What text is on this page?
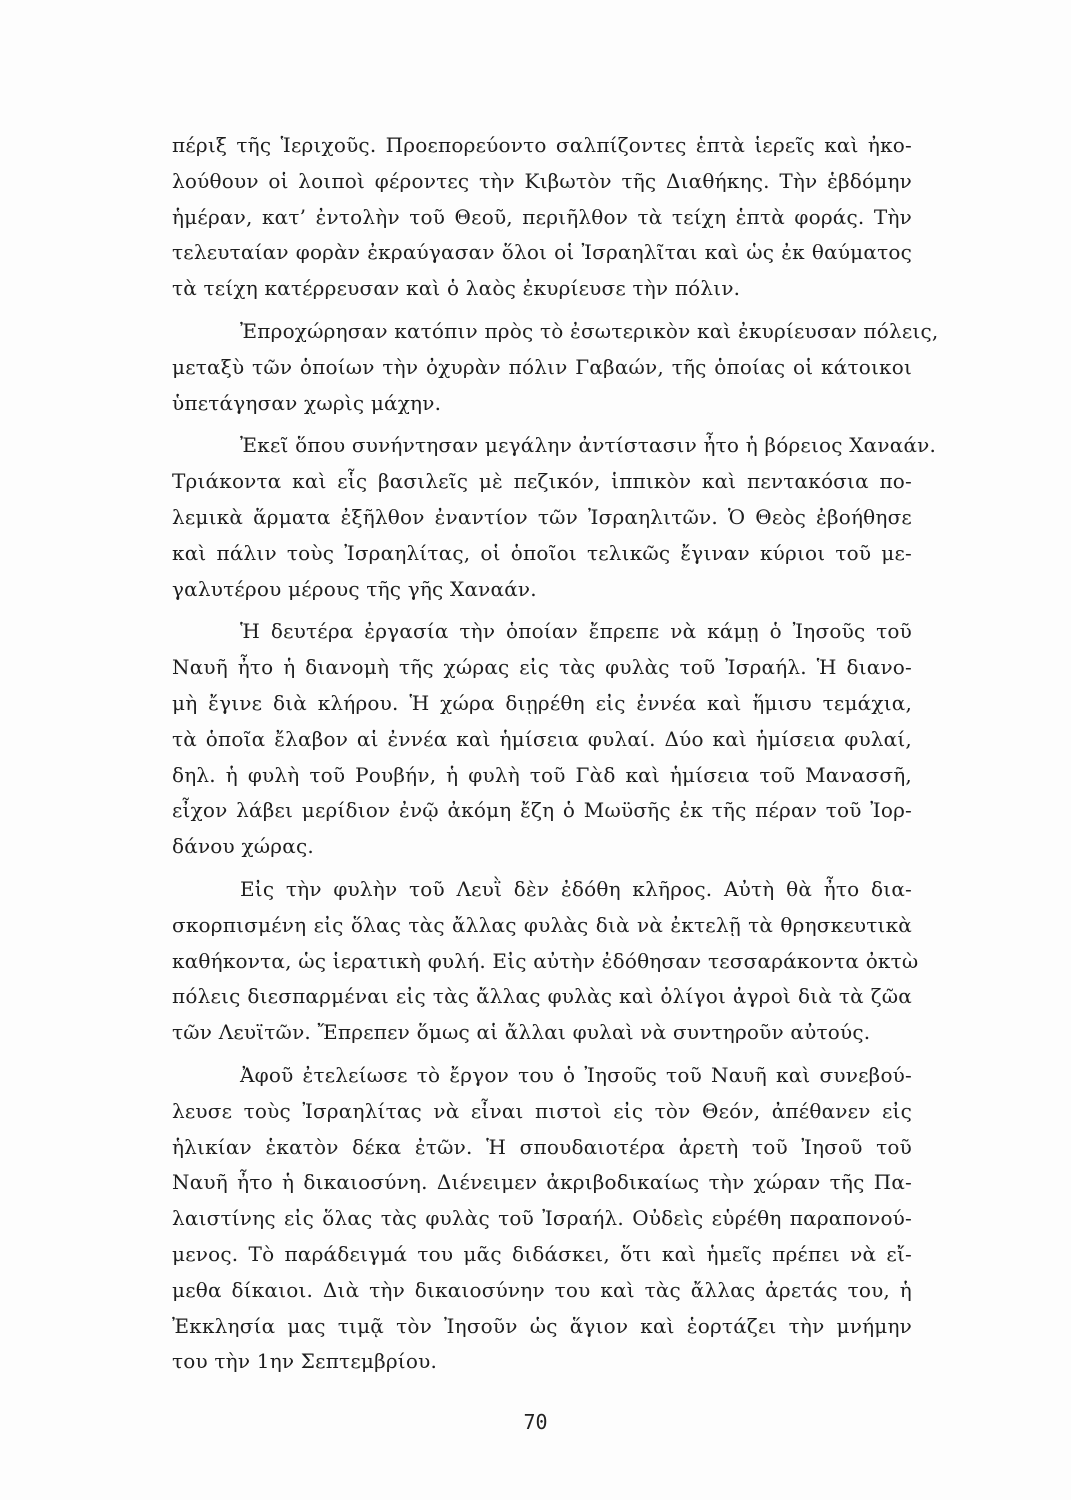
πέριξ τῆς Ἱεριχοῦς. Προεπορεύοντο σαλπίζοντες ἑπτὰ ἱερεῖς καὶ ἠκο-
λούθουν οἱ λοιποὶ φέροντες τὴν Κιβωτὸν τῆς Διαθήκης. Τὴν ἑβδόμην
ἡμέραν, κατ’ ἐντολὴν τοῦ Θεοῦ, περιῆλθον τὰ τείχη ἑπτὰ φοράς. Τὴν
τελευταίαν φορὰν ἐκραύγασαν ὅλοι οἱ Ἰσραηλῖται καὶ ὡς ἐκ θαύματος
τὰ τείχη κατέρρευσαν καὶ ὁ λαὸς ἐκυρίευσε τὴν πόλιν.
Ἐπροχώρησαν κατόπιν πρὸς τὸ ἐσωτερικὸν καὶ ἐκυρίευσαν πόλεις,
μεταξὺ τῶν ὁποίων τὴν ὀχυρὰν πόλιν Γαβαών, τῆς ὁποίας οἱ κάτοικοι
ὑπετάγησαν χωρὶς μάχην.
Ἐκεῖ ὅπου συνήντησαν μεγάλην ἀντίστασιν ἦτο ἡ βόρειος Χαναάν.
Τριάκοντα καὶ εἷς βασιλεῖς μὲ πεζικόν, ἱππικὸν καὶ πεντακόσια πο-
λεμικὰ ἅρματα ἐξῆλθον ἐναντίον τῶν Ἰσραηλιτῶν. Ὁ Θεὸς ἐβοήθησε
καὶ πάλιν τοὺς Ἰσραηλίτας, οἱ ὁποῖοι τελικῶς ἔγιναν κύριοι τοῦ με-
γαλυτέρου μέρους τῆς γῆς Χαναάν.
Ἡ δευτέρα ἐργασία τὴν ὁποίαν ἔπρεπε νὰ κάμῃ ὁ Ἰησοῦς τοῦ
Ναυῆ ἦτο ἡ διανομὴ τῆς χώρας εἰς τὰς φυλὰς τοῦ Ἰσραήλ. Ἡ διανο-
μὴ ἔγινε διὰ κλήρου. Ἡ χώρα διῃρέθη εἰς ἐννέα καὶ ἥμισυ τεμάχια,
τὰ ὁποῖα ἔλαβον αἱ ἐννέα καὶ ἡμίσεια φυλαί. Δύο καὶ ἡμίσεια φυλαί,
δηλ. ἡ φυλὴ τοῦ Ρουβήν, ἡ φυλὴ τοῦ Γὰδ καὶ ἡμίσεια τοῦ Μανασσῆ,
εἶχον λάβει μερίδιον ἐνῷ ἀκόμη ἔζη ὁ Μωϋσῆς ἐκ τῆς πέραν τοῦ Ἰορ-
δάνου χώρας.
Εἰς τὴν φυλὴν τοῦ Λευῒ δὲν ἐδόθη κλῆρος. Αὐτὴ θὰ ἦτο δια-
σκορπισμένη εἰς ὅλας τὰς ἄλλας φυλὰς διὰ νὰ ἐκτελῇ τὰ θρησκευτικὰ
καθήκοντα, ὡς ἱερατικὴ φυλή. Εἰς αὐτὴν ἐδόθησαν τεσσαράκοντα ὀκτὼ
πόλεις διεσπαρμέναι εἰς τὰς ἄλλας φυλὰς καὶ ὀλίγοι ἀγροὶ διὰ τὰ ζῶα
τῶν Λευϊτῶν. Ἔπρεπεν ὅμως αἱ ἄλλαι φυλαὶ νὰ συντηροῦν αὐτούς.
Ἀφοῦ ἐτελείωσε τὸ ἔργον του ὁ Ἰησοῦς τοῦ Ναυῆ καὶ συνεβού-
λευσε τοὺς Ἰσραηλίτας νὰ εἶναι πιστοὶ εἰς τὸν Θεόν, ἀπέθανεν εἰς
ἡλικίαν ἑκατὸν δέκα ἐτῶν. Ἡ σπουδαιοτέρα ἀρετὴ τοῦ Ἰησοῦ τοῦ
Ναυῆ ἦτο ἡ δικαιοσύνη. Διένειμεν ἀκριβοδικαίως τὴν χώραν τῆς Πα-
λαιστίνης εἰς ὅλας τὰς φυλὰς τοῦ Ἰσραήλ. Οὐδεὶς εὑρέθη παραπονού-
μενος. Τὸ παράδειγμά του μᾶς διδάσκει, ὅτι καὶ ἡμεῖς πρέπει νὰ εἴ-
μεθα δίκαιοι. Διὰ τὴν δικαιοσύνην του καὶ τὰς ἄλλας ἀρετάς του, ἡ
Ἐκκλησία μας τιμᾷ τὸν Ἰησοῦν ὡς ἅγιον καὶ ἑορτάζει τὴν μνήμην
του τὴν 1ην Σεπτεμβρίου.
70
